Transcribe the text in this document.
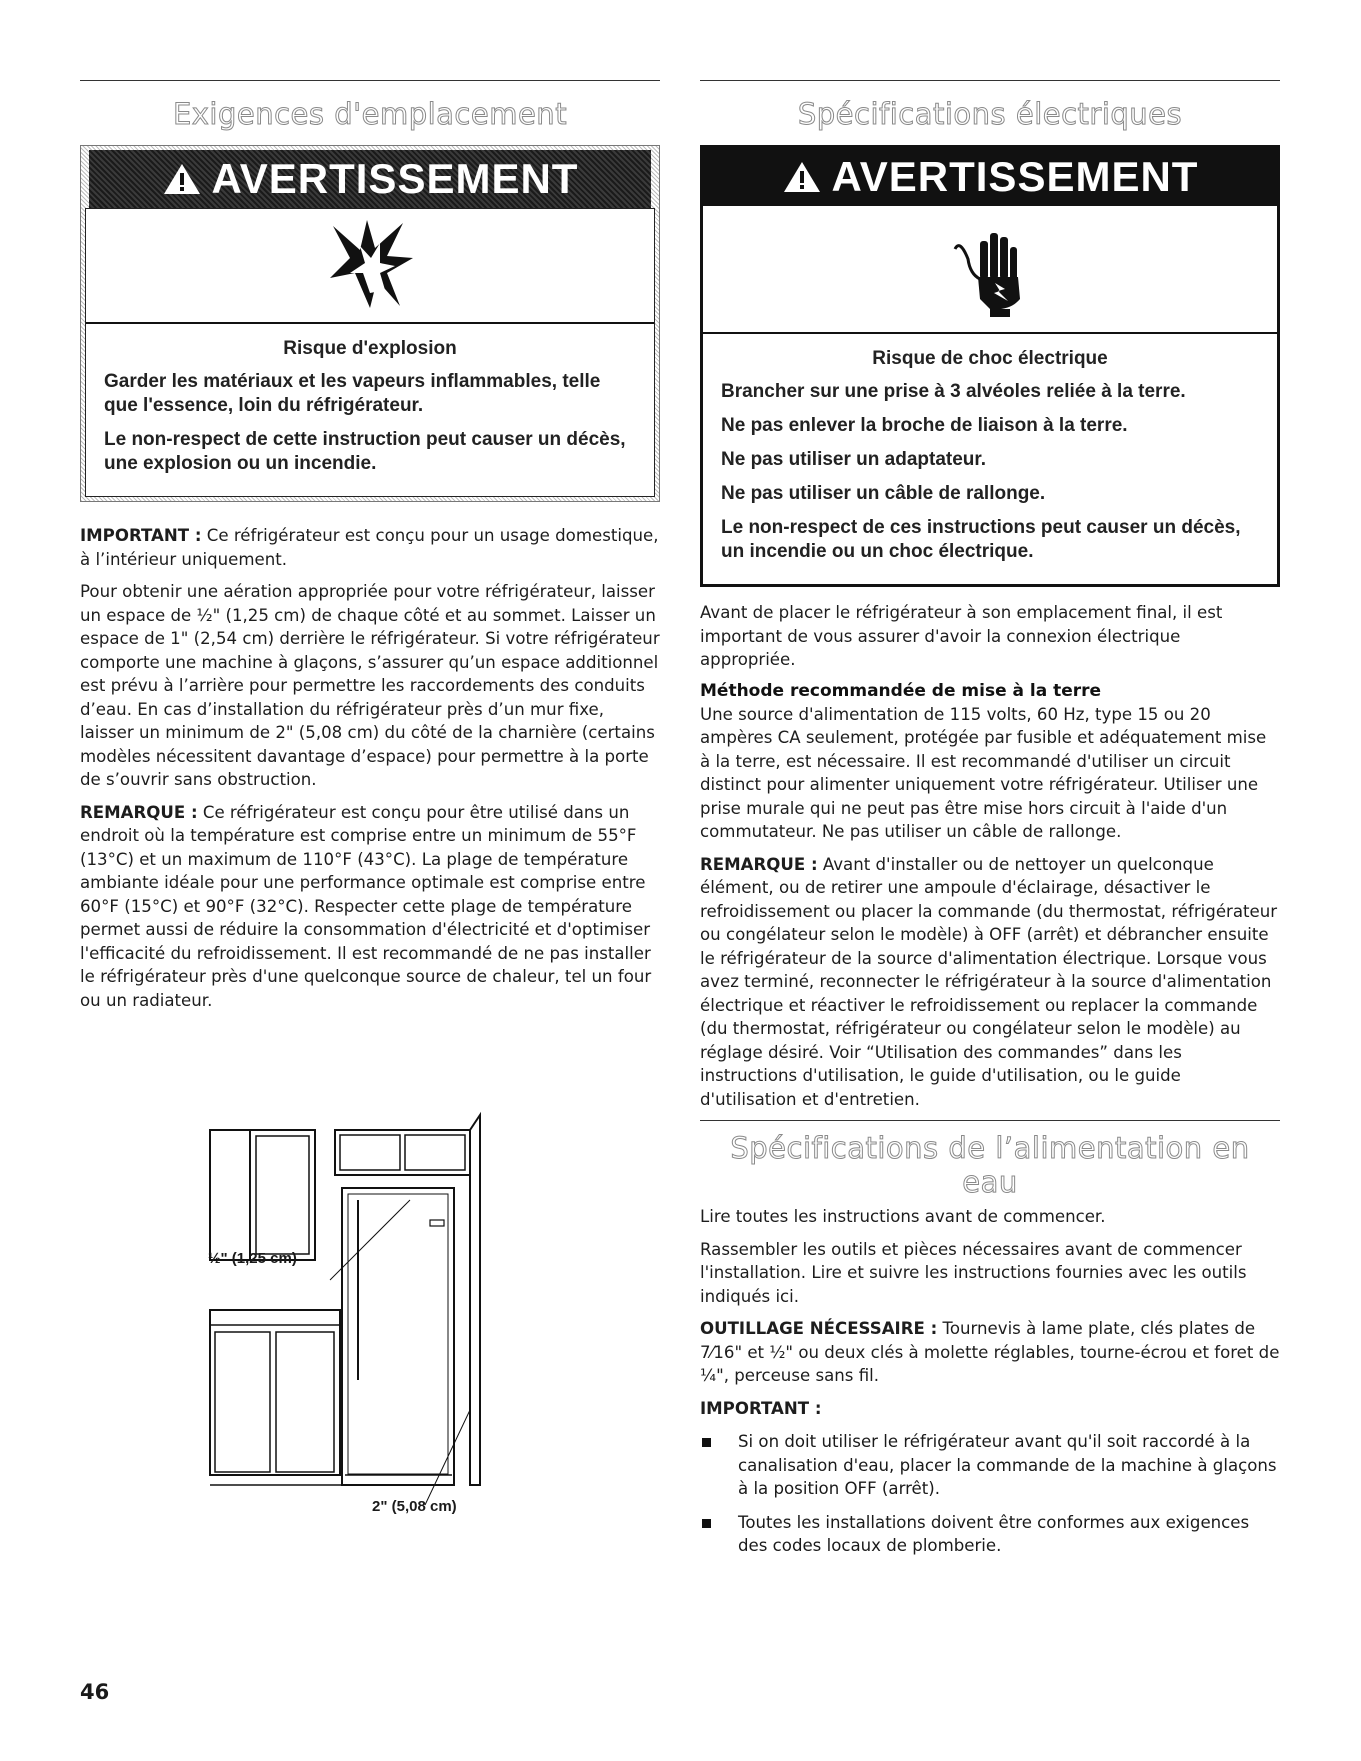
Exigences d'emplacement
AVERTISSEMENT
Risque d'explosion
Garder les matériaux et les vapeurs inflammables, telle que l'essence, loin du réfrigérateur.
Le non-respect de cette instruction peut causer un décès, une explosion ou un incendie.

IMPORTANT : Ce réfrigérateur est conçu pour un usage domestique, à l’intérieur uniquement.

Pour obtenir une aération appropriée pour votre réfrigérateur, laisser un espace de ½" (1,25 cm) de chaque côté et au sommet. Laisser un espace de 1" (2,54 cm) derrière le réfrigérateur. Si votre réfrigérateur comporte une machine à glaçons, s’assurer qu’un espace additionnel est prévu à l’arrière pour permettre les raccordements des conduits d’eau. En cas d’installation du réfrigérateur près d’un mur fixe, laisser un minimum de 2" (5,08 cm) du côté de la charnière (certains modèles nécessitent davantage d’espace) pour permettre à la porte de s’ouvrir sans obstruction.

REMARQUE : Ce réfrigérateur est conçu pour être utilisé dans un endroit où la température est comprise entre un minimum de 55°F (13°C) et un maximum de 110°F (43°C). La plage de température ambiante idéale pour une performance optimale est comprise entre 60°F (15°C) et 90°F (32°C). Respecter cette plage de température permet aussi de réduire la consommation d'électricité et d'optimiser l'efficacité du refroidissement. Il est recommandé de ne pas installer le réfrigérateur près d'une quelconque source de chaleur, tel un four ou un radiateur.

½" (1,25 cm)
2" (5,08 cm)
Spécifications électriques
AVERTISSEMENT
Risque de choc électrique
Brancher sur une prise à 3 alvéoles reliée à la terre.
Ne pas enlever la broche de liaison à la terre.
Ne pas utiliser un adaptateur.
Ne pas utiliser un câble de rallonge.
Le non-respect de ces instructions peut causer un décès, un incendie ou un choc électrique.

Avant de placer le réfrigérateur à son emplacement final, il est important de vous assurer d'avoir la connexion électrique appropriée.

Méthode recommandée de mise à la terre

Une source d'alimentation de 115 volts, 60 Hz, type 15 ou 20 ampères CA seulement, protégée par fusible et adéquatement mise à la terre, est nécessaire. Il est recommandé d'utiliser un circuit distinct pour alimenter uniquement votre réfrigérateur. Utiliser une prise murale qui ne peut pas être mise hors circuit à l'aide d'un commutateur. Ne pas utiliser un câble de rallonge.

REMARQUE : Avant d'installer ou de nettoyer un quelconque élément, ou de retirer une ampoule d'éclairage, désactiver le refroidissement ou placer la commande (du thermostat, réfrigérateur ou congélateur selon le modèle) à OFF (arrêt) et débrancher ensuite le réfrigérateur de la source d'alimentation électrique. Lorsque vous avez terminé, reconnecter le réfrigérateur à la source d'alimentation électrique et réactiver le refroidissement ou replacer la commande (du thermostat, réfrigérateur ou congélateur selon le modèle) au réglage désiré. Voir “Utilisation des commandes” dans les instructions d'utilisation, le guide d'utilisation, ou le guide d'utilisation et d'entretien.

Spécifications de l’alimentation en eau

Lire toutes les instructions avant de commencer.

Rassembler les outils et pièces nécessaires avant de commencer l'installation. Lire et suivre les instructions fournies avec les outils indiqués ici.

OUTILLAGE NÉCESSAIRE : Tournevis à lame plate, clés plates de 7⁄16" et ½" ou deux clés à molette réglables, tourne-écrou et foret de ¼", perceuse sans fil.

IMPORTANT :
Si on doit utiliser le réfrigérateur avant qu'il soit raccordé à la canalisation d'eau, placer la commande de la machine à glaçons à la position OFF (arrêt).
Toutes les installations doivent être conformes aux exigences des codes locaux de plomberie.
46
